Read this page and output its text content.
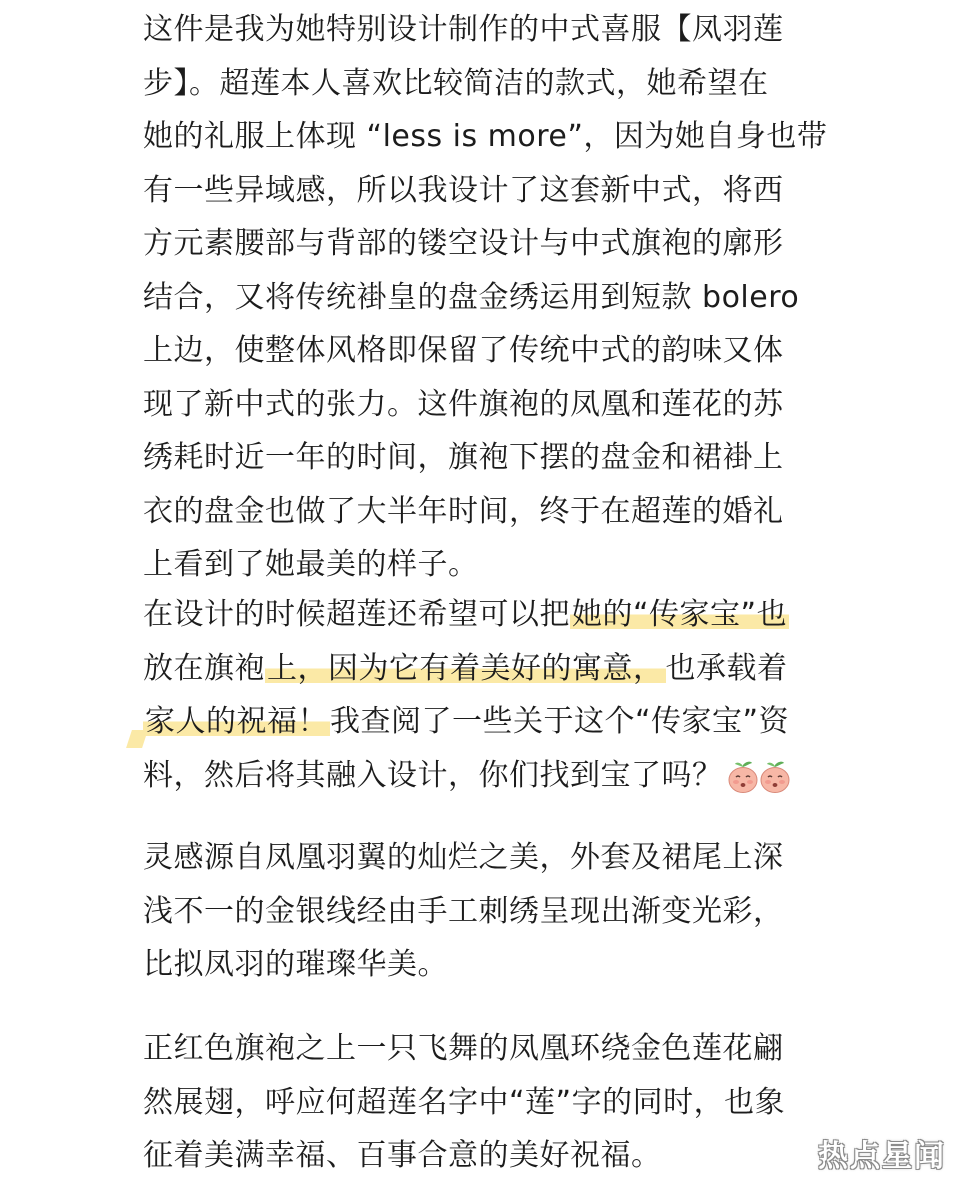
这件是我为她特别设计制作的中式喜服【凤羽莲
步】。超莲本人喜欢比较简洁的款式，她希望在
她的礼服上体现 “less is more”，因为她自身也带
有一些异域感，所以我设计了这套新中式，将西
方元素腰部与背部的镂空设计与中式旗袍的廓形
结合，又将传统褂皇的盘金绣运用到短款 bolero
上边，使整体风格即保留了传统中式的韵味又体
现了新中式的张力。这件旗袍的凤凰和莲花的苏
绣耗时近一年的时间，旗袍下摆的盘金和裙褂上
衣的盘金也做了大半年时间，终于在超莲的婚礼
上看到了她最美的样子。
在设计的时候超莲还希望可以把她的“传家宝”也
放在旗袍上，因为它有着美好的寓意，也承载着
家人的祝福！我查阅了一些关于这个“传家宝”资
料，然后将其融入设计，你们找到宝了吗？
灵感源自凤凰羽翼的灿烂之美，外套及裙尾上深
浅不一的金银线经由手工刺绣呈现出渐变光彩，
比拟凤羽的璀璨华美。
正红色旗袍之上一只飞舞的凤凰环绕金色莲花翩
然展翅，呼应何超莲名字中“莲”字的同时，也象
征着美满幸福、百事合意的美好祝福。	热点星闻
